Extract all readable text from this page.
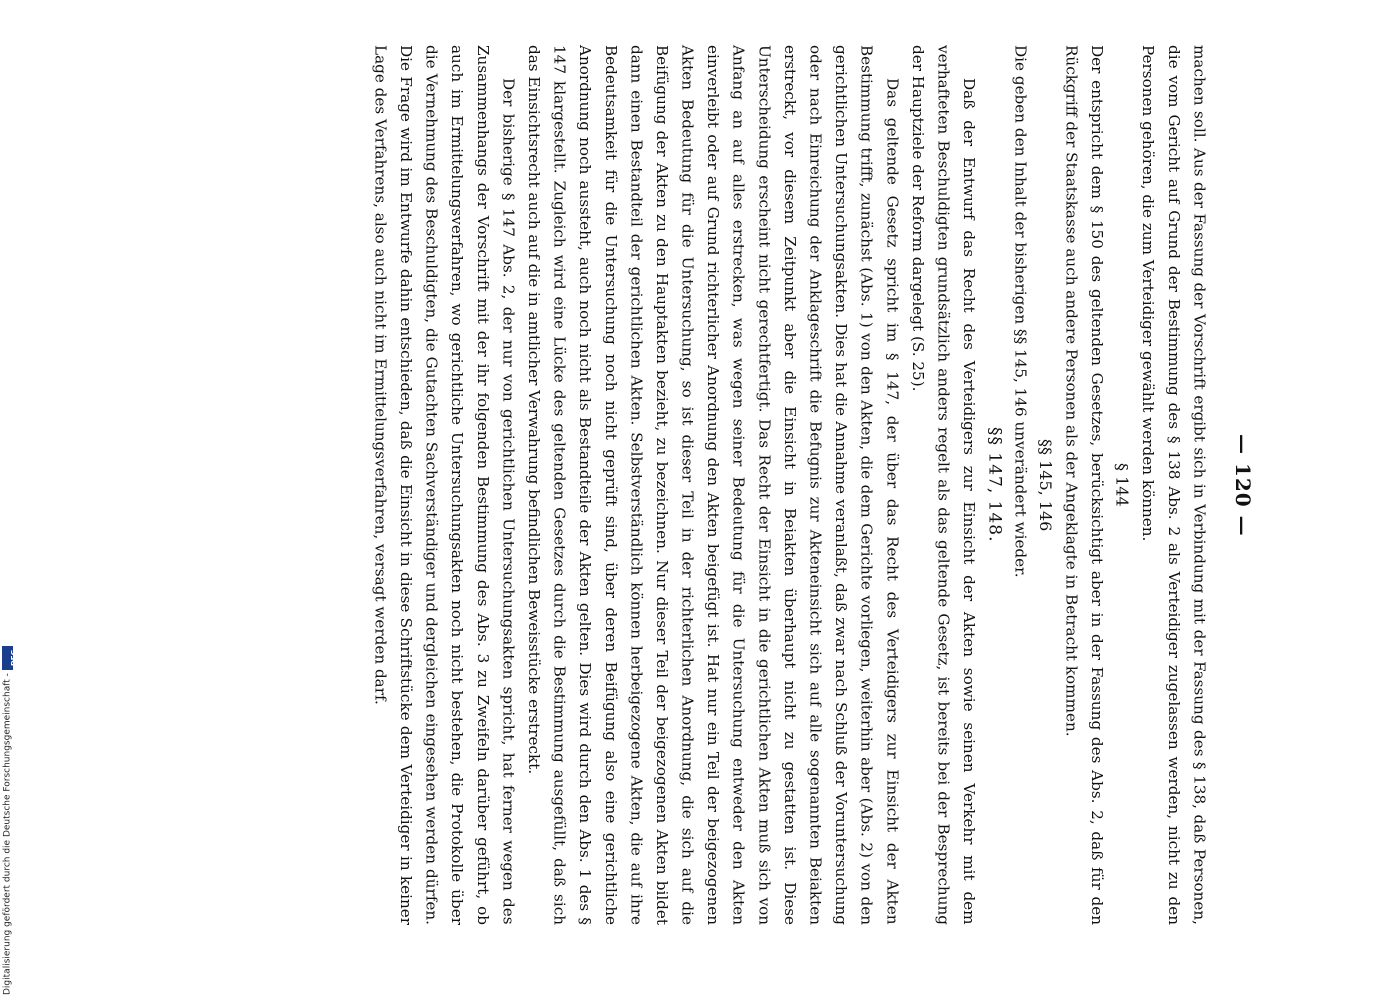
— 120 —

machen soll. Aus der Fassung der Vorschrift ergibt sich in Verbindung mit der Fassung des § 138, daß Personen, die vom Gericht auf Grund der Bestimmung des § 138 Abs. 2 als Verteidiger zugelassen werden, nicht zu den Personen gehören, die zum Verteidiger gewählt werden können.

§ 144

Der entspricht dem § 150 des geltenden Gesetzes, berücksichtigt aber in der Fassung des Abs. 2, daß für den Rückgriff der Staatskasse auch andere Personen als der Angeklagte in Betracht kommen.

§§ 145, 146

Die geben den Inhalt der bisherigen §§ 145, 146 unverändert wieder.

§§ 147, 148.

Daß der Entwurf das Recht des Verteidigers zur Einsicht der Akten sowie seinen Verkehr mit dem verhafteten Beschuldigten grundsätzlich anders regelt als das geltende Gesetz, ist bereits bei der Besprechung der Hauptziele der Reform dargelegt (S. 25).

Das geltende Gesetz spricht im § 147, der über das Recht des Verteidigers zur Einsicht der Akten Bestimmung trifft, zunächst (Abs. 1) von den Akten, die dem Gerichte vorliegen, weiterhin aber (Abs. 2) von den gerichtlichen Untersuchungsakten. Dies hat die Annahme veranlaßt, daß zwar nach Schluß der Voruntersuchung oder nach Einreichung der Anklageschrift die Befugnis zur Akteneinsicht sich auf alle sogenannten Beiakten erstreckt, vor diesem Zeitpunkt aber die Einsicht in Beiakten überhaupt nicht zu gestatten ist. Diese Unterscheidung erscheint nicht gerechtfertigt. Das Recht der Einsicht in die gerichtlichen Akten muß sich von Anfang an auf alles erstrecken, was wegen seiner Bedeutung für die Untersuchung entweder den Akten einverleibt oder auf Grund richterlicher Anordnung den Akten beigefügt ist. Hat nur ein Teil der beigezogenen Akten Bedeutung für die Untersuchung, so ist dieser Teil in der richterlichen Anordnung, die sich auf die Beifügung der Akten zu den Hauptakten bezieht, zu bezeichnen. Nur dieser Teil der beigezogenen Akten bildet dann einen Bestandteil der gerichtlichen Akten. Selbstverständlich können herbeigezogene Akten, die auf ihre Bedeutsamkeit für die Untersuchung noch nicht geprüft sind, über deren Beifügung also eine gerichtliche Anordnung noch aussteht, auch noch nicht als Bestandteile der Akten gelten. Dies wird durch den Abs. 1 des § 147 klargestellt. Zugleich wird eine Lücke des geltenden Gesetzes durch die Bestimmung ausgefüllt, daß sich das Einsichtsrecht auch auf die in amtlicher Verwahrung befindlichen Beweisstücke erstreckt.

Der bisherige § 147 Abs. 2, der nur von gerichtlichen Untersuchungsakten spricht, hat ferner wegen des Zusammenhangs der Vorschrift mit der ihr folgenden Bestimmung des Abs. 3 zu Zweifeln darüber geführt, ob auch im Ermittelungsverfahren, wo gerichtliche Untersuchungsakten noch nicht bestehen, die Protokolle über die Vernehmung des Beschuldigten, die Gutachten Sachverständiger und dergleichen eingesehen werden dürfen. Die Frage wird im Entwurfe dahin entschieden, daß die Einsicht in diese Schriftstücke dem Verteidiger in keiner Lage des Verfahrens, also auch nicht im Ermittelungsverfahren, versagt werden darf.

Digitalisierung gefördert durch die Deutsche Forschungsgemeinschaft -
DFG
